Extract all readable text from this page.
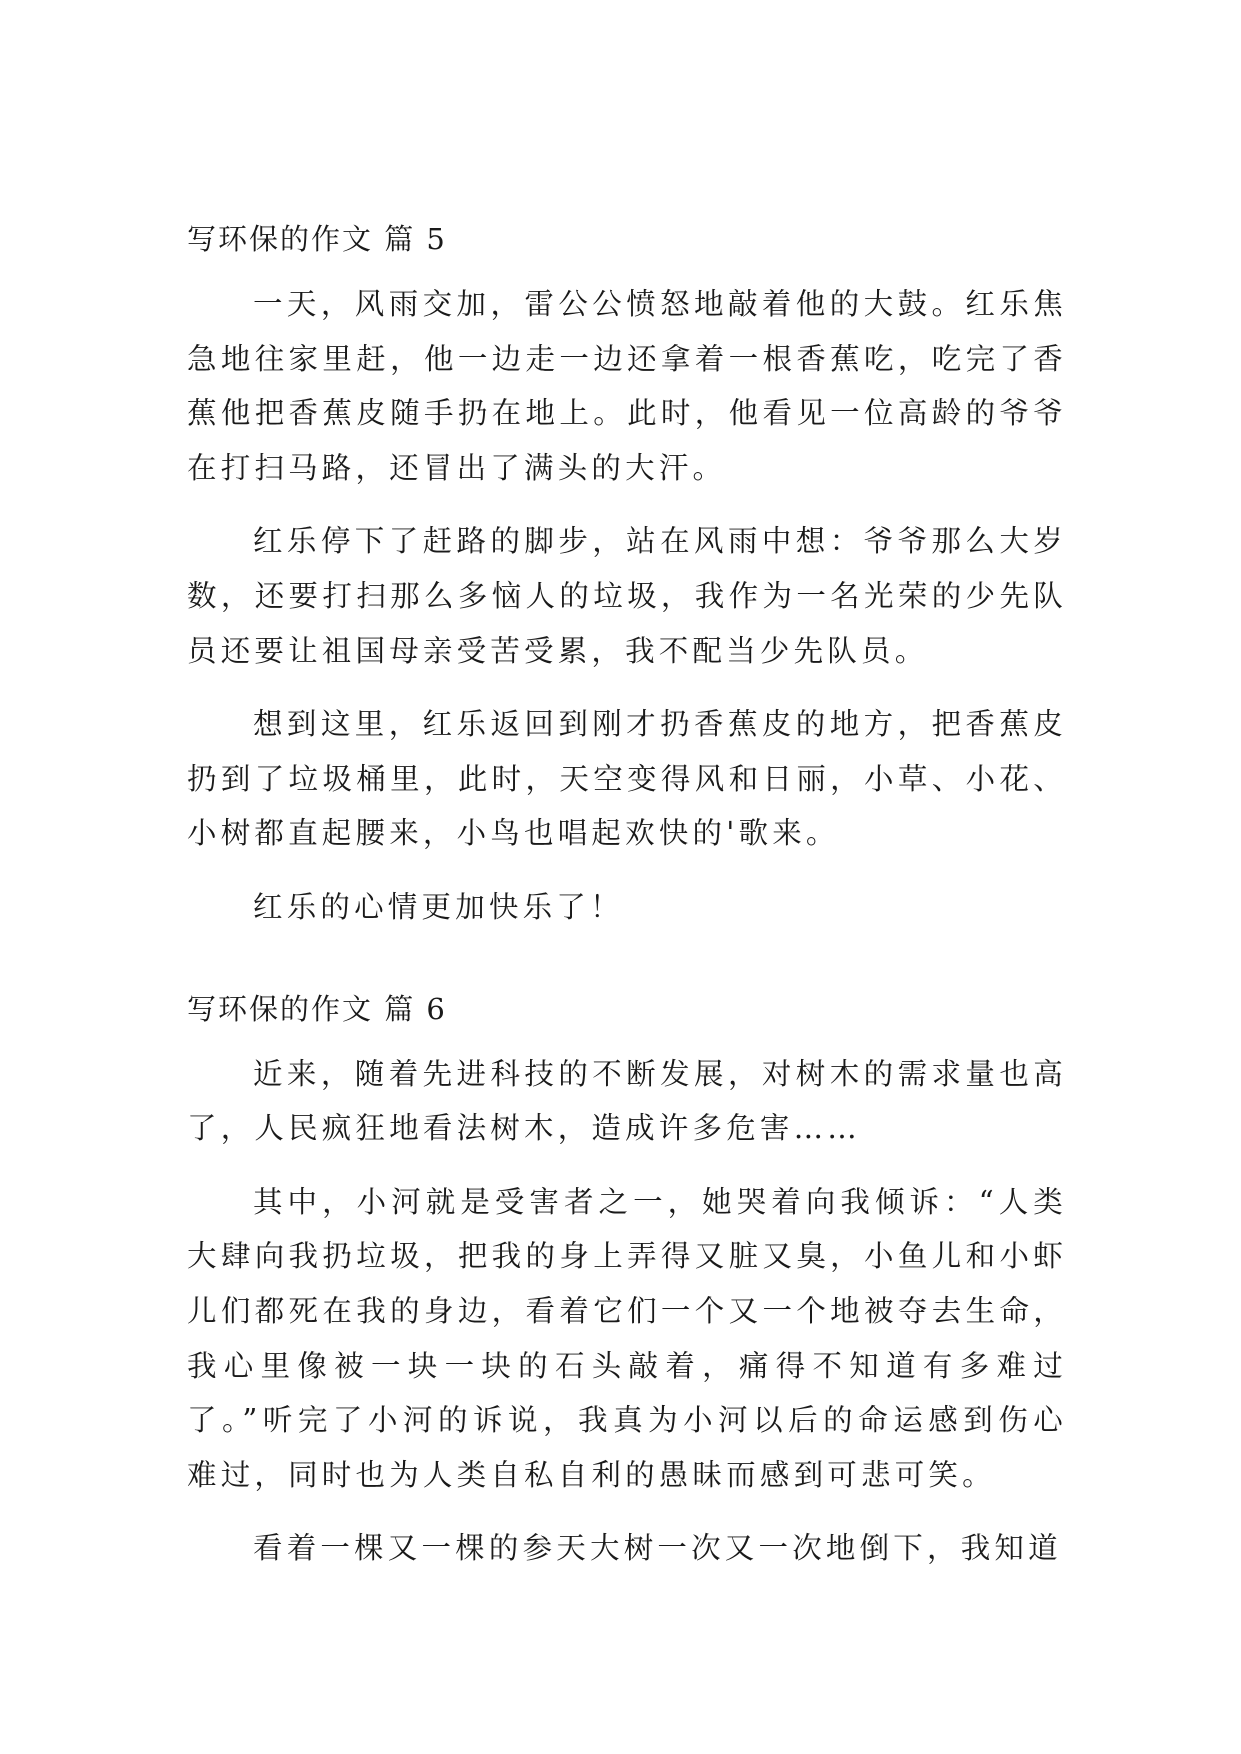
写环保的作文 篇 5

一天，风雨交加，雷公公愤怒地敲着他的大鼓。红乐焦急地往家里赶，他一边走一边还拿着一根香蕉吃，吃完了香蕉他把香蕉皮随手扔在地上。此时，他看见一位高龄的爷爷在打扫马路，还冒出了满头的大汗。

红乐停下了赶路的脚步，站在风雨中想：爷爷那么大岁数，还要打扫那么多恼人的垃圾，我作为一名光荣的少先队员还要让祖国母亲受苦受累，我不配当少先队员。

想到这里，红乐返回到刚才扔香蕉皮的地方，把香蕉皮扔到了垃圾桶里，此时，天空变得风和日丽，小草、小花、小树都直起腰来，小鸟也唱起欢快的'歌来。

红乐的心情更加快乐了！

写环保的作文 篇 6

近来，随着先进科技的不断发展，对树木的需求量也高了，人民疯狂地看法树木，造成许多危害……

其中，小河就是受害者之一，她哭着向我倾诉：“人类大肆向我扔垃圾，把我的身上弄得又脏又臭，小鱼儿和小虾儿们都死在我的身边，看着它们一个又一个地被夺去生命，我心里像被一块一块的石头敲着，痛得不知道有多难过了。”听完了小河的诉说，我真为小河以后的命运感到伤心难过，同时也为人类自私自利的愚昧而感到可悲可笑。

看着一棵又一棵的参天大树一次又一次地倒下，我知道
